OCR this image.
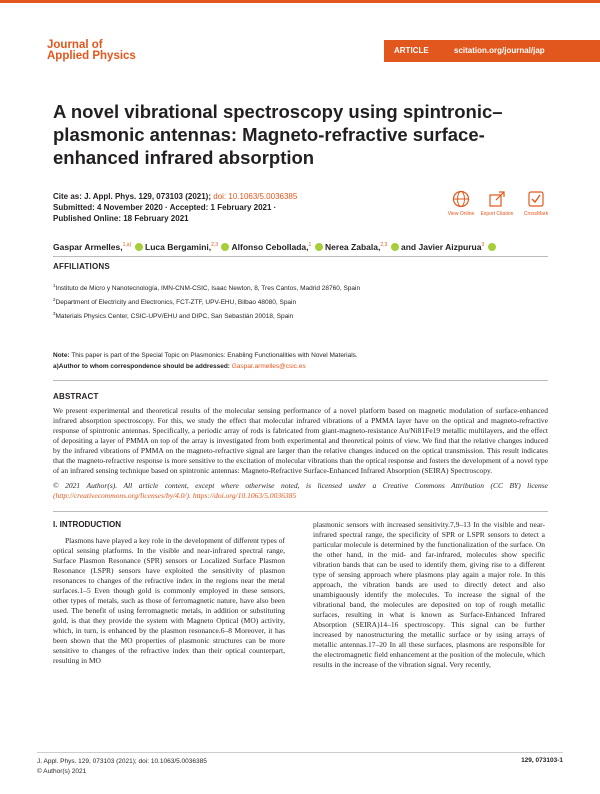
Journal of
Applied Physics	ARTICLE	scitation.org/journal/jap
A novel vibrational spectroscopy using spintronic–plasmonic antennas: Magneto-refractive surface-enhanced infrared absorption
Cite as: J. Appl. Phys. 129, 073103 (2021); doi: 10.1063/5.0036385
Submitted: 4 November 2020 · Accepted: 1 February 2021 ·
Published Online: 18 February 2021	View Online	Export Citation	CrossMark
Gaspar Armelles,$^{1,a)}$ Luca Bergamini,$^{2,3}$ Alfonso Cebollada,$^1$ Nerea Zabala,$^{2,3}$ and Javier Aizpurua$^3$
AFFILIATIONS
$^1$Instituto de Micro y Nanotecnología, IMN-CNM-CSIC, Isaac Newton, 8, Tres Cantos, Madrid 28760, Spain
$^2$Department of Electricity and Electronics, FCT-ZTF, UPV-EHU, Bilbao 48080, Spain
$^3$Materials Physics Center, CSIC-UPV/EHU and DIPC, San Sebastián 20018, Spain
Note: This paper is part of the Special Topic on Plasmonics: Enabling Functionalities with Novel Materials.
a)Author to whom correspondence should be addressed: Gaspar.armelles@csic.es
ABSTRACT
We present experimental and theoretical results of the molecular sensing performance of a novel platform based on magnetic modulation of surface-enhanced infrared absorption spectroscopy. For this, we study the effect that molecular infrared vibrations of a PMMA layer have on the optical and magneto-refractive response of spintronic antennas. Specifically, a periodic array of rods is fabricated from giant-magneto-resistance Au/Ni81Fe19 metallic multilayers, and the effect of depositing a layer of PMMA on top of the array is investigated from both experimental and theoretical points of view. We find that the relative changes induced by the infrared vibrations of PMMA on the magneto-refractive signal are larger than the relative changes induced on the optical transmission. This result indicates that the magneto-refractive response is more sensitive to the excitation of molecular vibrations than the optical response and fosters the development of a novel type of an infrared sensing technique based on spintronic antennas: Magneto-Refractive Surface-Enhanced Infrared Absorption (SEIRA) Spectroscopy.
© 2021 Author(s). All article content, except where otherwise noted, is licensed under a Creative Commons Attribution (CC BY) license (http://creativecommons.org/licenses/by/4.0/). https://doi.org/10.1063/5.0036385
I. INTRODUCTION

Plasmons have played a key role in the development of different types of optical sensing platforms. In the visible and near-infrared spectral range, Surface Plasmon Resonance (SPR) sensors or Localized Surface Plasmon Resonance (LSPR) sensors have exploited the sensitivity of plasmon resonances to changes of the refractive index in the regions near the metal surfaces.1–5 Even though gold is commonly employed in these sensors, other types of metals, such as those of ferromagnetic nature, have also been used. The benefit of using ferromagnetic metals, in addition or substituting gold, is that they provide the system with Magneto Optical (MO) activity, which, in turn, is enhanced by the plasmon resonance.6–8 Moreover, it has been shown that the MO properties of plasmonic structures can be more sensitive to changes of the refractive index than their optical counterpart, resulting in MO

plasmonic sensors with increased sensitivity.7,9–13 In the visible and near-infrared spectral range, the specificity of SPR or LSPR sensors to detect a particular molecule is determined by the functionalization of the surface. On the other hand, in the mid- and far-infrared, molecules show specific vibration bands that can be used to identify them, giving rise to a different type of sensing approach where plasmons play again a major role. In this approach, the vibration bands are used to directly detect and also unambiguously identify the molecules. To increase the signal of the vibrational band, the molecules are deposited on top of rough metallic surfaces, resulting in what is known as Surface-Enhanced Infrared Absorption (SEIRA)14–16 spectroscopy. This signal can be further increased by nanostructuring the metallic surface or by using arrays of metallic antennas.17–20 In all these surfaces, plasmons are responsible for the electromagnetic field enhancement at the position of the molecule, which results in the increase of the vibration signal. Very recently,

J. Appl. Phys. 129, 073103 (2021); doi: 10.1063/5.0036385
© Author(s) 2021
129, 073103-1
